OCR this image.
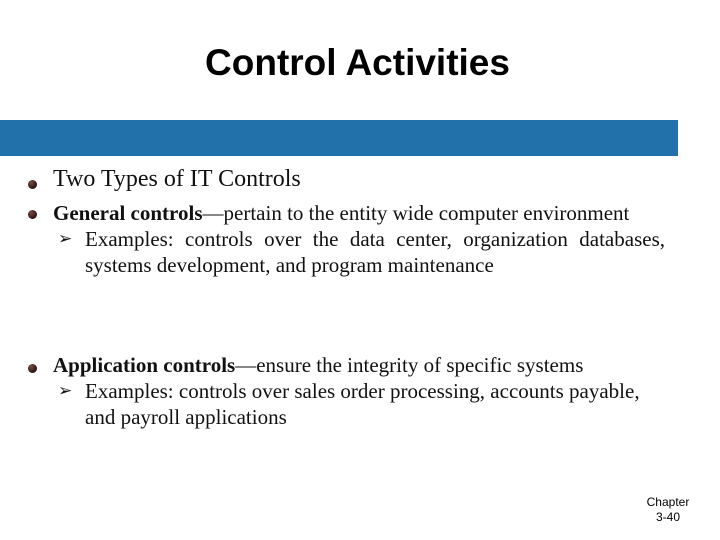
Control Activities
Two Types of IT Controls
General controls—pertain to the entity wide computer environment
➢ Examples: controls over the data center, organization databases, systems development, and program maintenance
Application controls—ensure the integrity of specific systems
➢ Examples: controls over sales order processing, accounts payable, and payroll applications
Chapter
3-40
